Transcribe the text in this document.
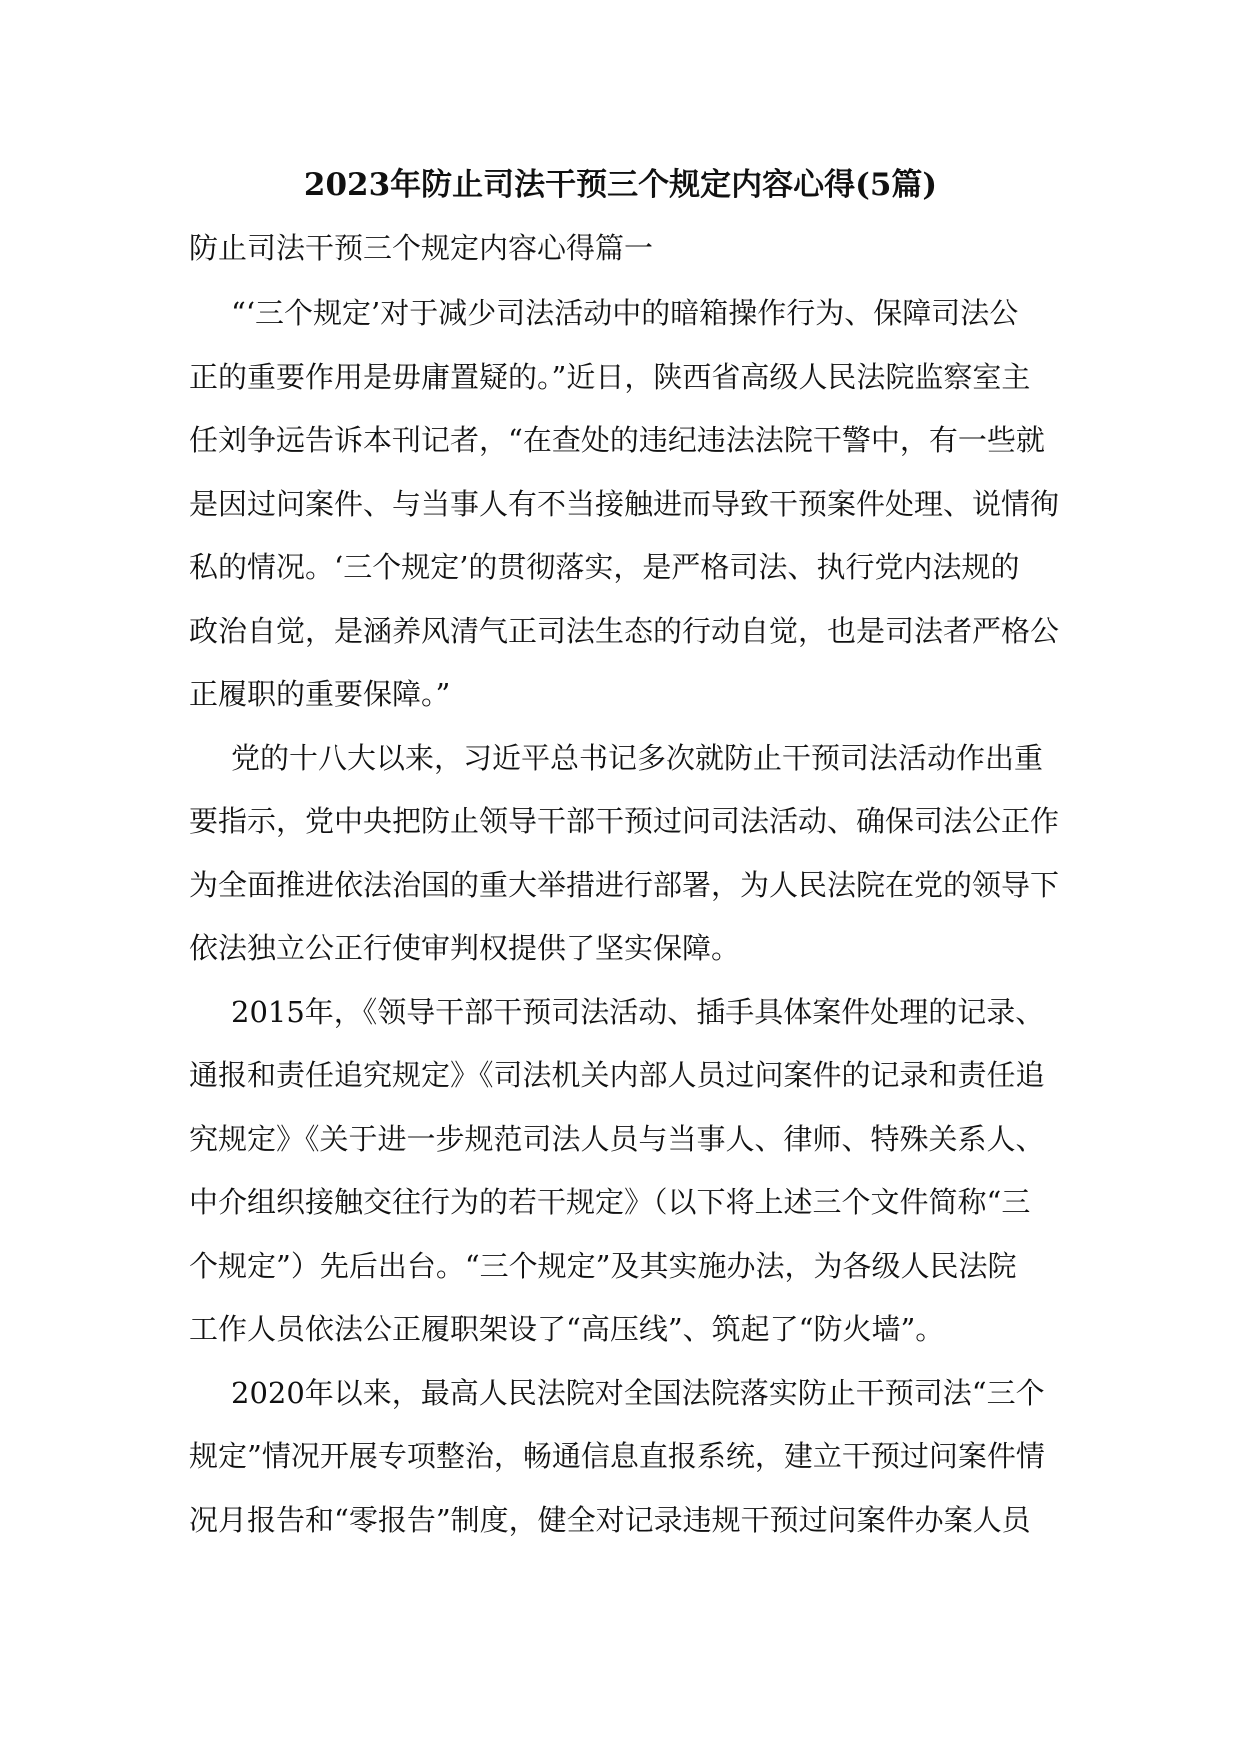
2023年防止司法干预三个规定内容心得(5篇)
防止司法干预三个规定内容心得篇一
“‘三个规定’对于减少司法活动中的暗箱操作行为、保障司法公
正的重要作用是毋庸置疑的。”近日，陕西省高级人民法院监察室主
任刘争远告诉本刊记者，“在查处的违纪违法法院干警中，有一些就
是因过问案件、与当事人有不当接触进而导致干预案件处理、说情徇
私的情况。‘三个规定’的贯彻落实，是严格司法、执行党内法规的
政治自觉，是涵养风清气正司法生态的行动自觉，也是司法者严格公
正履职的重要保障。”
党的十八大以来，习近平总书记多次就防止干预司法活动作出重
要指示，党中央把防止领导干部干预过问司法活动、确保司法公正作
为全面推进依法治国的重大举措进行部署，为人民法院在党的领导下
依法独立公正行使审判权提供了坚实保障。
2015年，《领导干部干预司法活动、插手具体案件处理的记录、
通报和责任追究规定》《司法机关内部人员过问案件的记录和责任追
究规定》《关于进一步规范司法人员与当事人、律师、特殊关系人、
中介组织接触交往行为的若干规定》（以下将上述三个文件简称“三
个规定”）先后出台。“三个规定”及其实施办法，为各级人民法院
工作人员依法公正履职架设了“高压线”、筑起了“防火墙”。
2020年以来，最高人民法院对全国法院落实防止干预司法“三个
规定”情况开展专项整治，畅通信息直报系统，建立干预过问案件情
况月报告和“零报告”制度，健全对记录违规干预过问案件办案人员
